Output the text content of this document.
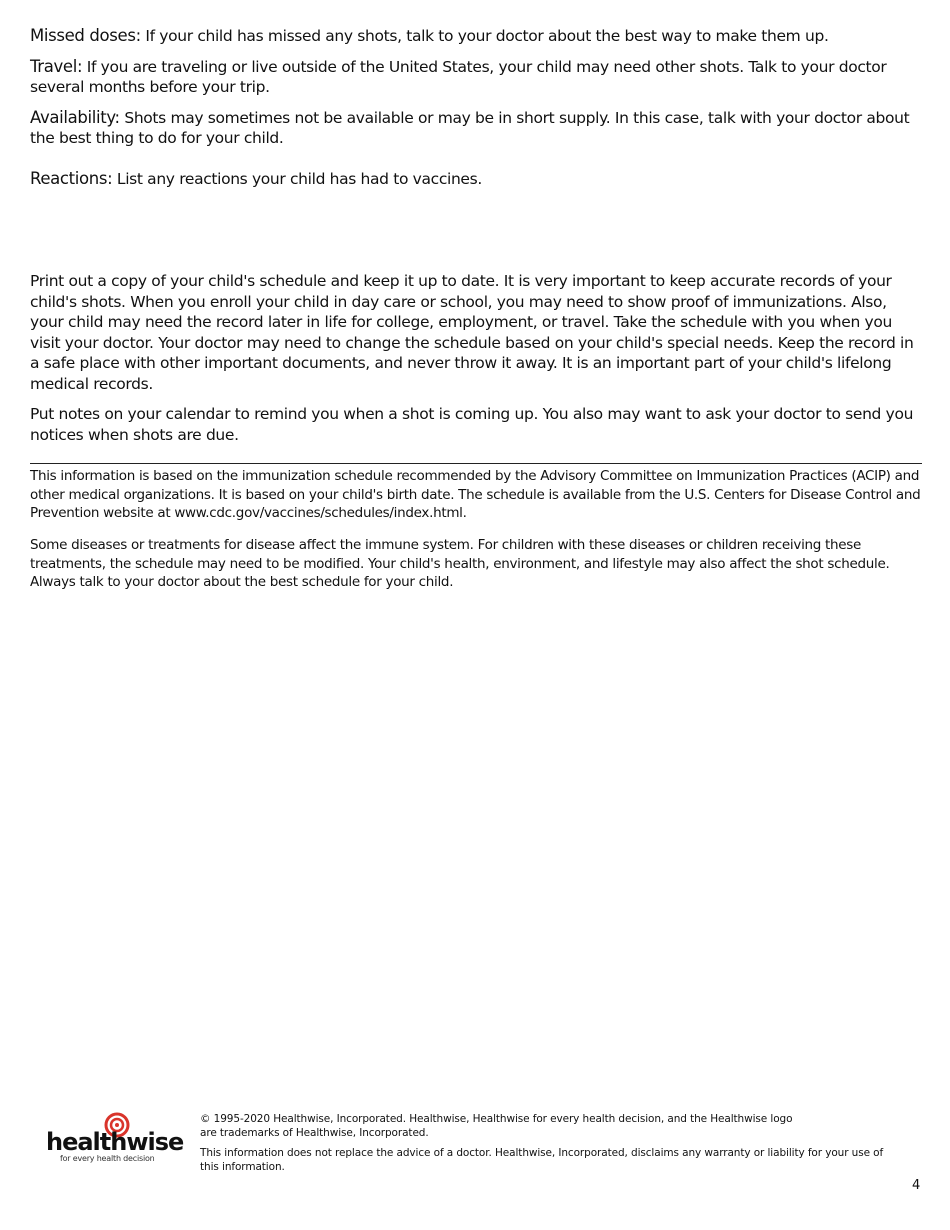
Missed doses: If your child has missed any shots, talk to your doctor about the best way to make them up.

Travel: If you are traveling or live outside of the United States, your child may need other shots. Talk to your doctor several months before your trip.

Availability: Shots may sometimes not be available or may be in short supply. In this case, talk with your doctor about the best thing to do for your child.

Reactions: List any reactions your child has had to vaccines.

Print out a copy of your child's schedule and keep it up to date. It is very important to keep accurate records of your child's shots. When you enroll your child in day care or school, you may need to show proof of immunizations. Also, your child may need the record later in life for college, employment, or travel. Take the schedule with you when you visit your doctor. Your doctor may need to change the schedule based on your child's special needs. Keep the record in a safe place with other important documents, and never throw it away. It is an important part of your child's lifelong medical records.

Put notes on your calendar to remind you when a shot is coming up. You also may want to ask your doctor to send you notices when shots are due.

This information is based on the immunization schedule recommended by the Advisory Committee on Immunization Practices (ACIP) and other medical organizations. It is based on your child's birth date. The schedule is available from the U.S. Centers for Disease Control and Prevention website at www.cdc.gov/vaccines/schedules/index.html.

Some diseases or treatments for disease affect the immune system. For children with these diseases or children receiving these treatments, the schedule may need to be modified. Your child's health, environment, and lifestyle may also affect the shot schedule. Always talk to your doctor about the best schedule for your child.

healthwise
for every health decision

© 1995-2020 Healthwise, Incorporated. Healthwise, Healthwise for every health decision, and the Healthwise logo are trademarks of Healthwise, Incorporated.

This information does not replace the advice of a doctor. Healthwise, Incorporated, disclaims any warranty or liability for your use of this information.

4
